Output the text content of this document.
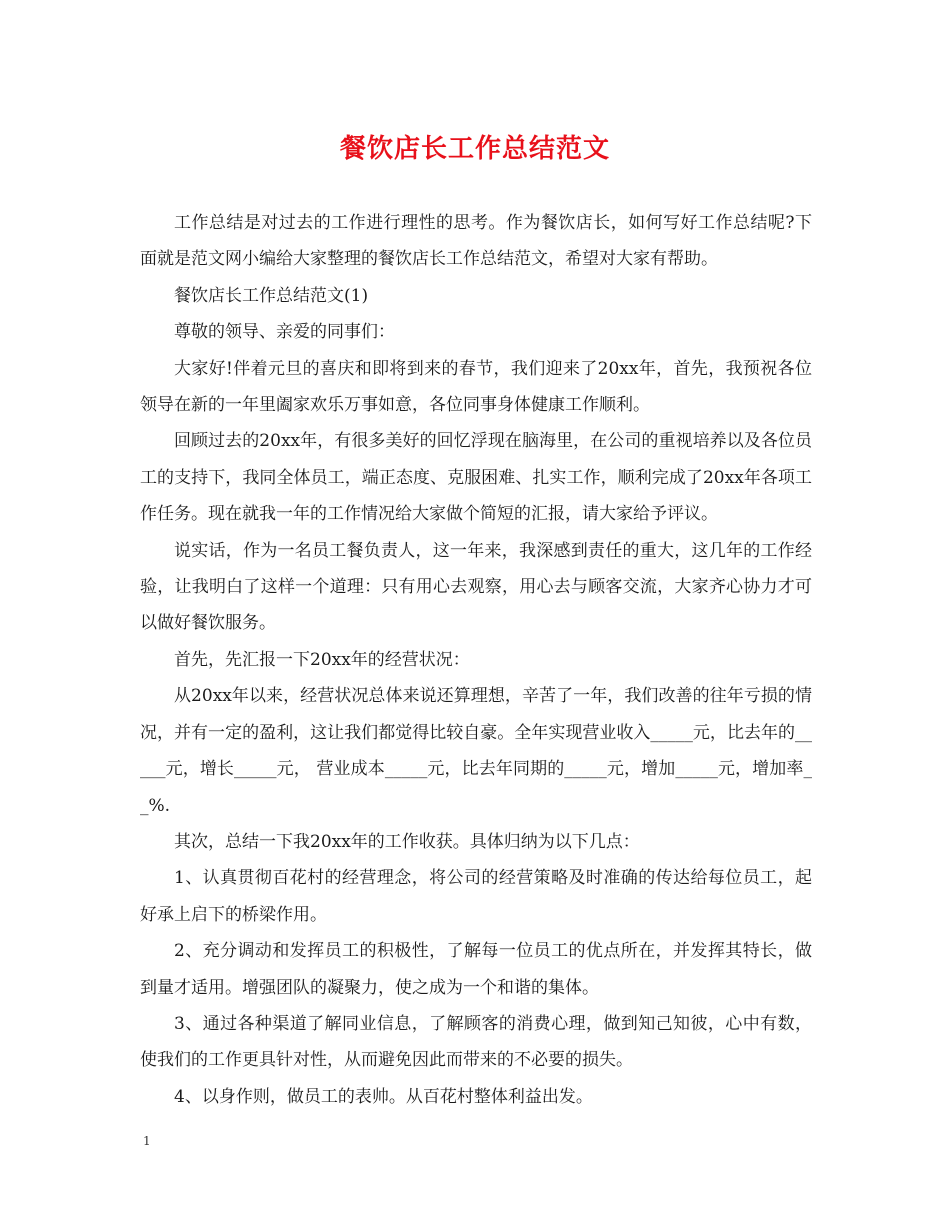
餐饮店长工作总结范文

工作总结是对过去的工作进行理性的思考。作为餐饮店长，如何写好工作总结呢?下面就是范文网小编给大家整理的餐饮店长工作总结范文，希望对大家有帮助。

餐饮店长工作总结范文(1)

尊敬的领导、亲爱的同事们：

大家好!伴着元旦的喜庆和即将到来的春节，我们迎来了20xx年，首先，我预祝各位领导在新的一年里阖家欢乐万事如意，各位同事身体健康工作顺利。

回顾过去的20xx年，有很多美好的回忆浮现在脑海里，在公司的重视培养以及各位员工的支持下，我同全体员工，端正态度、克服困难、扎实工作，顺利完成了20xx年各项工作任务。现在就我一年的工作情况给大家做个简短的汇报，请大家给予评议。

说实话，作为一名员工餐负责人，这一年来，我深感到责任的重大，这几年的工作经验，让我明白了这样一个道理：只有用心去观察，用心去与顾客交流，大家齐心协力才可以做好餐饮服务。

首先，先汇报一下20xx年的经营状况：

从20xx年以来，经营状况总体来说还算理想，辛苦了一年，我们改善的往年亏损的情况，并有一定的盈利，这让我们都觉得比较自豪。全年实现营业收入_____元，比去年的_____元，增长_____元， 营业成本_____元，比去年同期的_____元，增加_____元，增加率__%.

其次，总结一下我20xx年的工作收获。具体归纳为以下几点：

1、认真贯彻百花村的经营理念，将公司的经营策略及时准确的传达给每位员工，起好承上启下的桥梁作用。

2、充分调动和发挥员工的积极性，了解每一位员工的优点所在，并发挥其特长，做到量才适用。增强团队的凝聚力，使之成为一个和谐的集体。

3、通过各种渠道了解同业信息，了解顾客的消费心理，做到知己知彼，心中有数，使我们的工作更具针对性，从而避免因此而带来的不必要的损失。

4、以身作则，做员工的表帅。从百花村整体利益出发。

1
